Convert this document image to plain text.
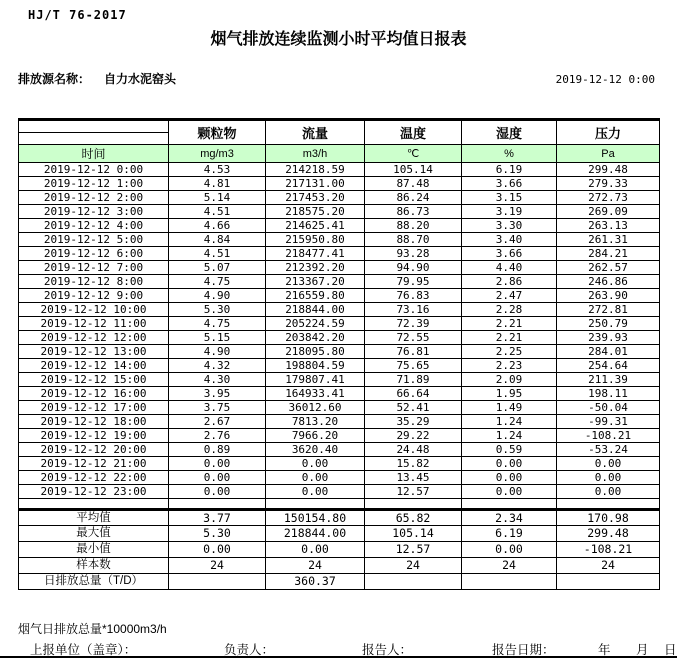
HJ/T 76-2017
烟气排放连续监测小时平均值日报表
排放源名称： 自力水泥窑头	2019-12-12 0:00
	颗粒物	流量	温度	湿度	压力
时间	mg/m3	m3/h	℃	%	Pa
2019-12-12 0:00	4.53	214218.59	105.14	6.19	299.48
2019-12-12 1:00	4.81	217131.00	87.48	3.66	279.33
2019-12-12 2:00	5.14	217453.20	86.24	3.15	272.73
2019-12-12 3:00	4.51	218575.20	86.73	3.19	269.09
2019-12-12 4:00	4.66	214625.41	88.20	3.30	263.13
2019-12-12 5:00	4.84	215950.80	88.70	3.40	261.31
2019-12-12 6:00	4.51	218477.41	93.28	3.66	284.21
2019-12-12 7:00	5.07	212392.20	94.90	4.40	262.57
2019-12-12 8:00	4.75	213367.20	79.95	2.86	246.86
2019-12-12 9:00	4.90	216559.80	76.83	2.47	263.90
2019-12-12 10:00	5.30	218844.00	73.16	2.28	272.81
2019-12-12 11:00	4.75	205224.59	72.39	2.21	250.79
2019-12-12 12:00	5.15	203842.20	72.55	2.21	239.93
2019-12-12 13:00	4.90	218095.80	76.81	2.25	284.01
2019-12-12 14:00	4.32	198804.59	75.65	2.23	254.64
2019-12-12 15:00	4.30	179807.41	71.89	2.09	211.39
2019-12-12 16:00	3.95	164933.41	66.64	1.95	198.11
2019-12-12 17:00	3.75	36012.60	52.41	1.49	-50.04
2019-12-12 18:00	2.67	7813.20	35.29	1.24	-99.31
2019-12-12 19:00	2.76	7966.20	29.22	1.24	-108.21
2019-12-12 20:00	0.89	3620.40	24.48	0.59	-53.24
2019-12-12 21:00	0.00	0.00	15.82	0.00	0.00
2019-12-12 22:00	0.00	0.00	13.45	0.00	0.00
2019-12-12 23:00	0.00	0.00	12.57	0.00	0.00

平均值	3.77	150154.80	65.82	2.34	170.98
最大值	5.30	218844.00	105.14	6.19	299.48
最小值	0.00	0.00	12.57	0.00	-108.21
样本数	24	24	24	24	24
日排放总量（T/D）		360.37			
烟气日排放总量*10000m3/h
上报单位（盖章）：	负责人：	报告人：	报告日期：	年 月 日
